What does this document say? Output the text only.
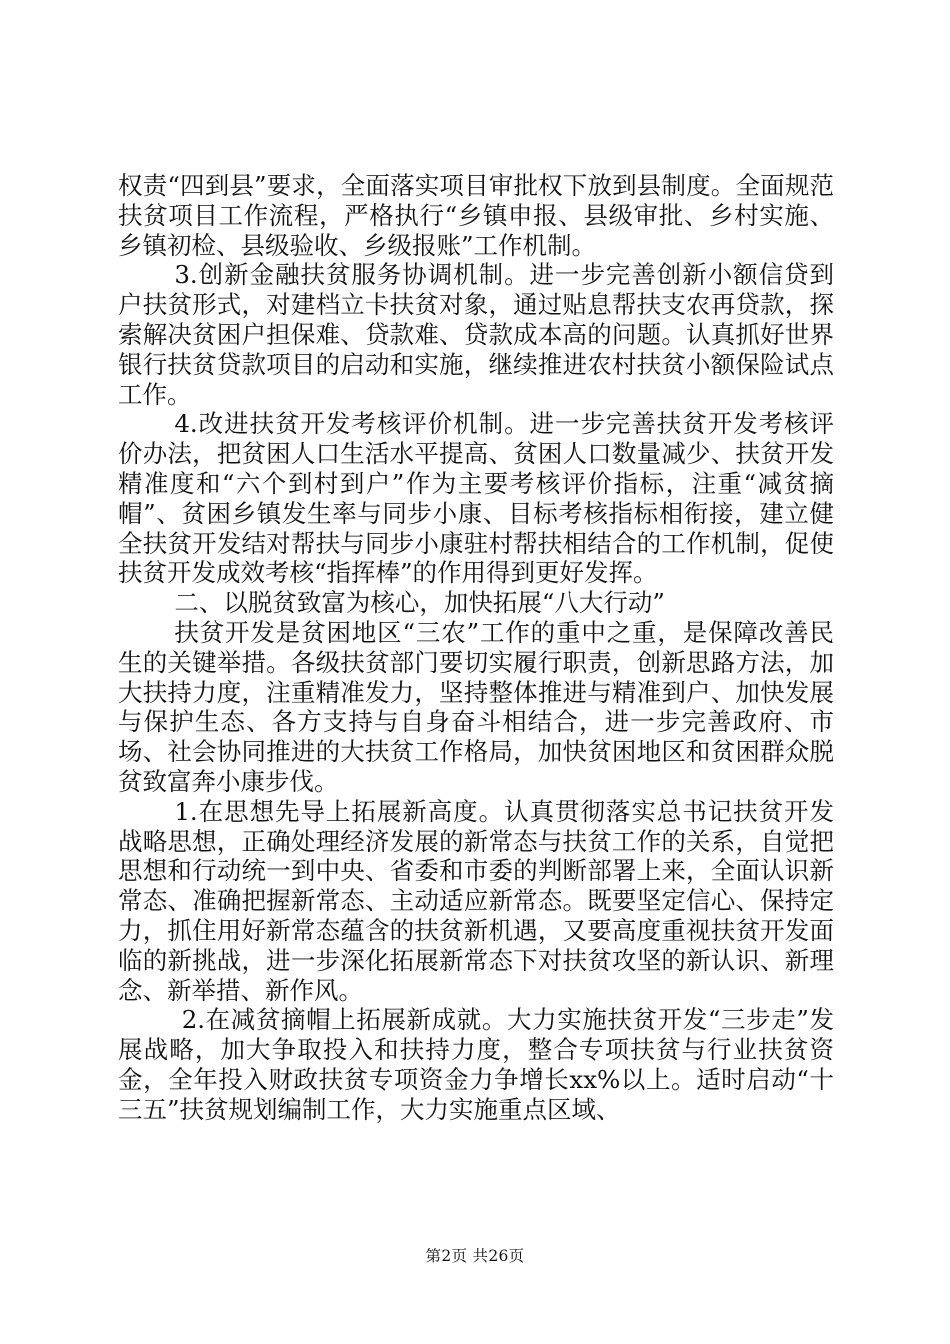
权责“四到县”要求，全面落实项目审批权下放到县制度。全面规范扶贫项目工作流程，严格执行“乡镇申报、县级审批、乡村实施、乡镇初检、县级验收、乡级报账”工作机制。

3.创新金融扶贫服务协调机制。进一步完善创新小额信贷到户扶贫形式，对建档立卡扶贫对象，通过贴息帮扶支农再贷款，探索解决贫困户担保难、贷款难、贷款成本高的问题。认真抓好世界银行扶贫贷款项目的启动和实施，继续推进农村扶贫小额保险试点工作。

4.改进扶贫开发考核评价机制。进一步完善扶贫开发考核评价办法，把贫困人口生活水平提高、贫困人口数量减少、扶贫开发精准度和“六个到村到户”作为主要考核评价指标，注重“减贫摘帽”、贫困乡镇发生率与同步小康、目标考核指标相衔接，建立健全扶贫开发结对帮扶与同步小康驻村帮扶相结合的工作机制，促使扶贫开发成效考核“指挥棒”的作用得到更好发挥。

二、以脱贫致富为核心，加快拓展“八大行动”

扶贫开发是贫困地区“三农”工作的重中之重，是保障改善民生的关键举措。各级扶贫部门要切实履行职责，创新思路方法，加大扶持力度，注重精准发力，坚持整体推进与精准到户、加快发展与保护生态、各方支持与自身奋斗相结合，进一步完善政府、市场、社会协同推进的大扶贫工作格局，加快贫困地区和贫困群众脱贫致富奔小康步伐。

1.在思想先导上拓展新高度。认真贯彻落实总书记扶贫开发战略思想，正确处理经济发展的新常态与扶贫工作的关系，自觉把思想和行动统一到中央、省委和市委的判断部署上来，全面认识新常态、准确把握新常态、主动适应新常态。既要坚定信心、保持定力，抓住用好新常态蕴含的扶贫新机遇，又要高度重视扶贫开发面临的新挑战，进一步深化拓展新常态下对扶贫攻坚的新认识、新理念、新举措、新作风。

2.在减贫摘帽上拓展新成就。大力实施扶贫开发“三步走”发展战略，加大争取投入和扶持力度，整合专项扶贫与行业扶贫资金，全年投入财政扶贫专项资金力争增长xx%以上。适时启动“十三五”扶贫规划编制工作，大力实施重点区域、

第2页 共26页
